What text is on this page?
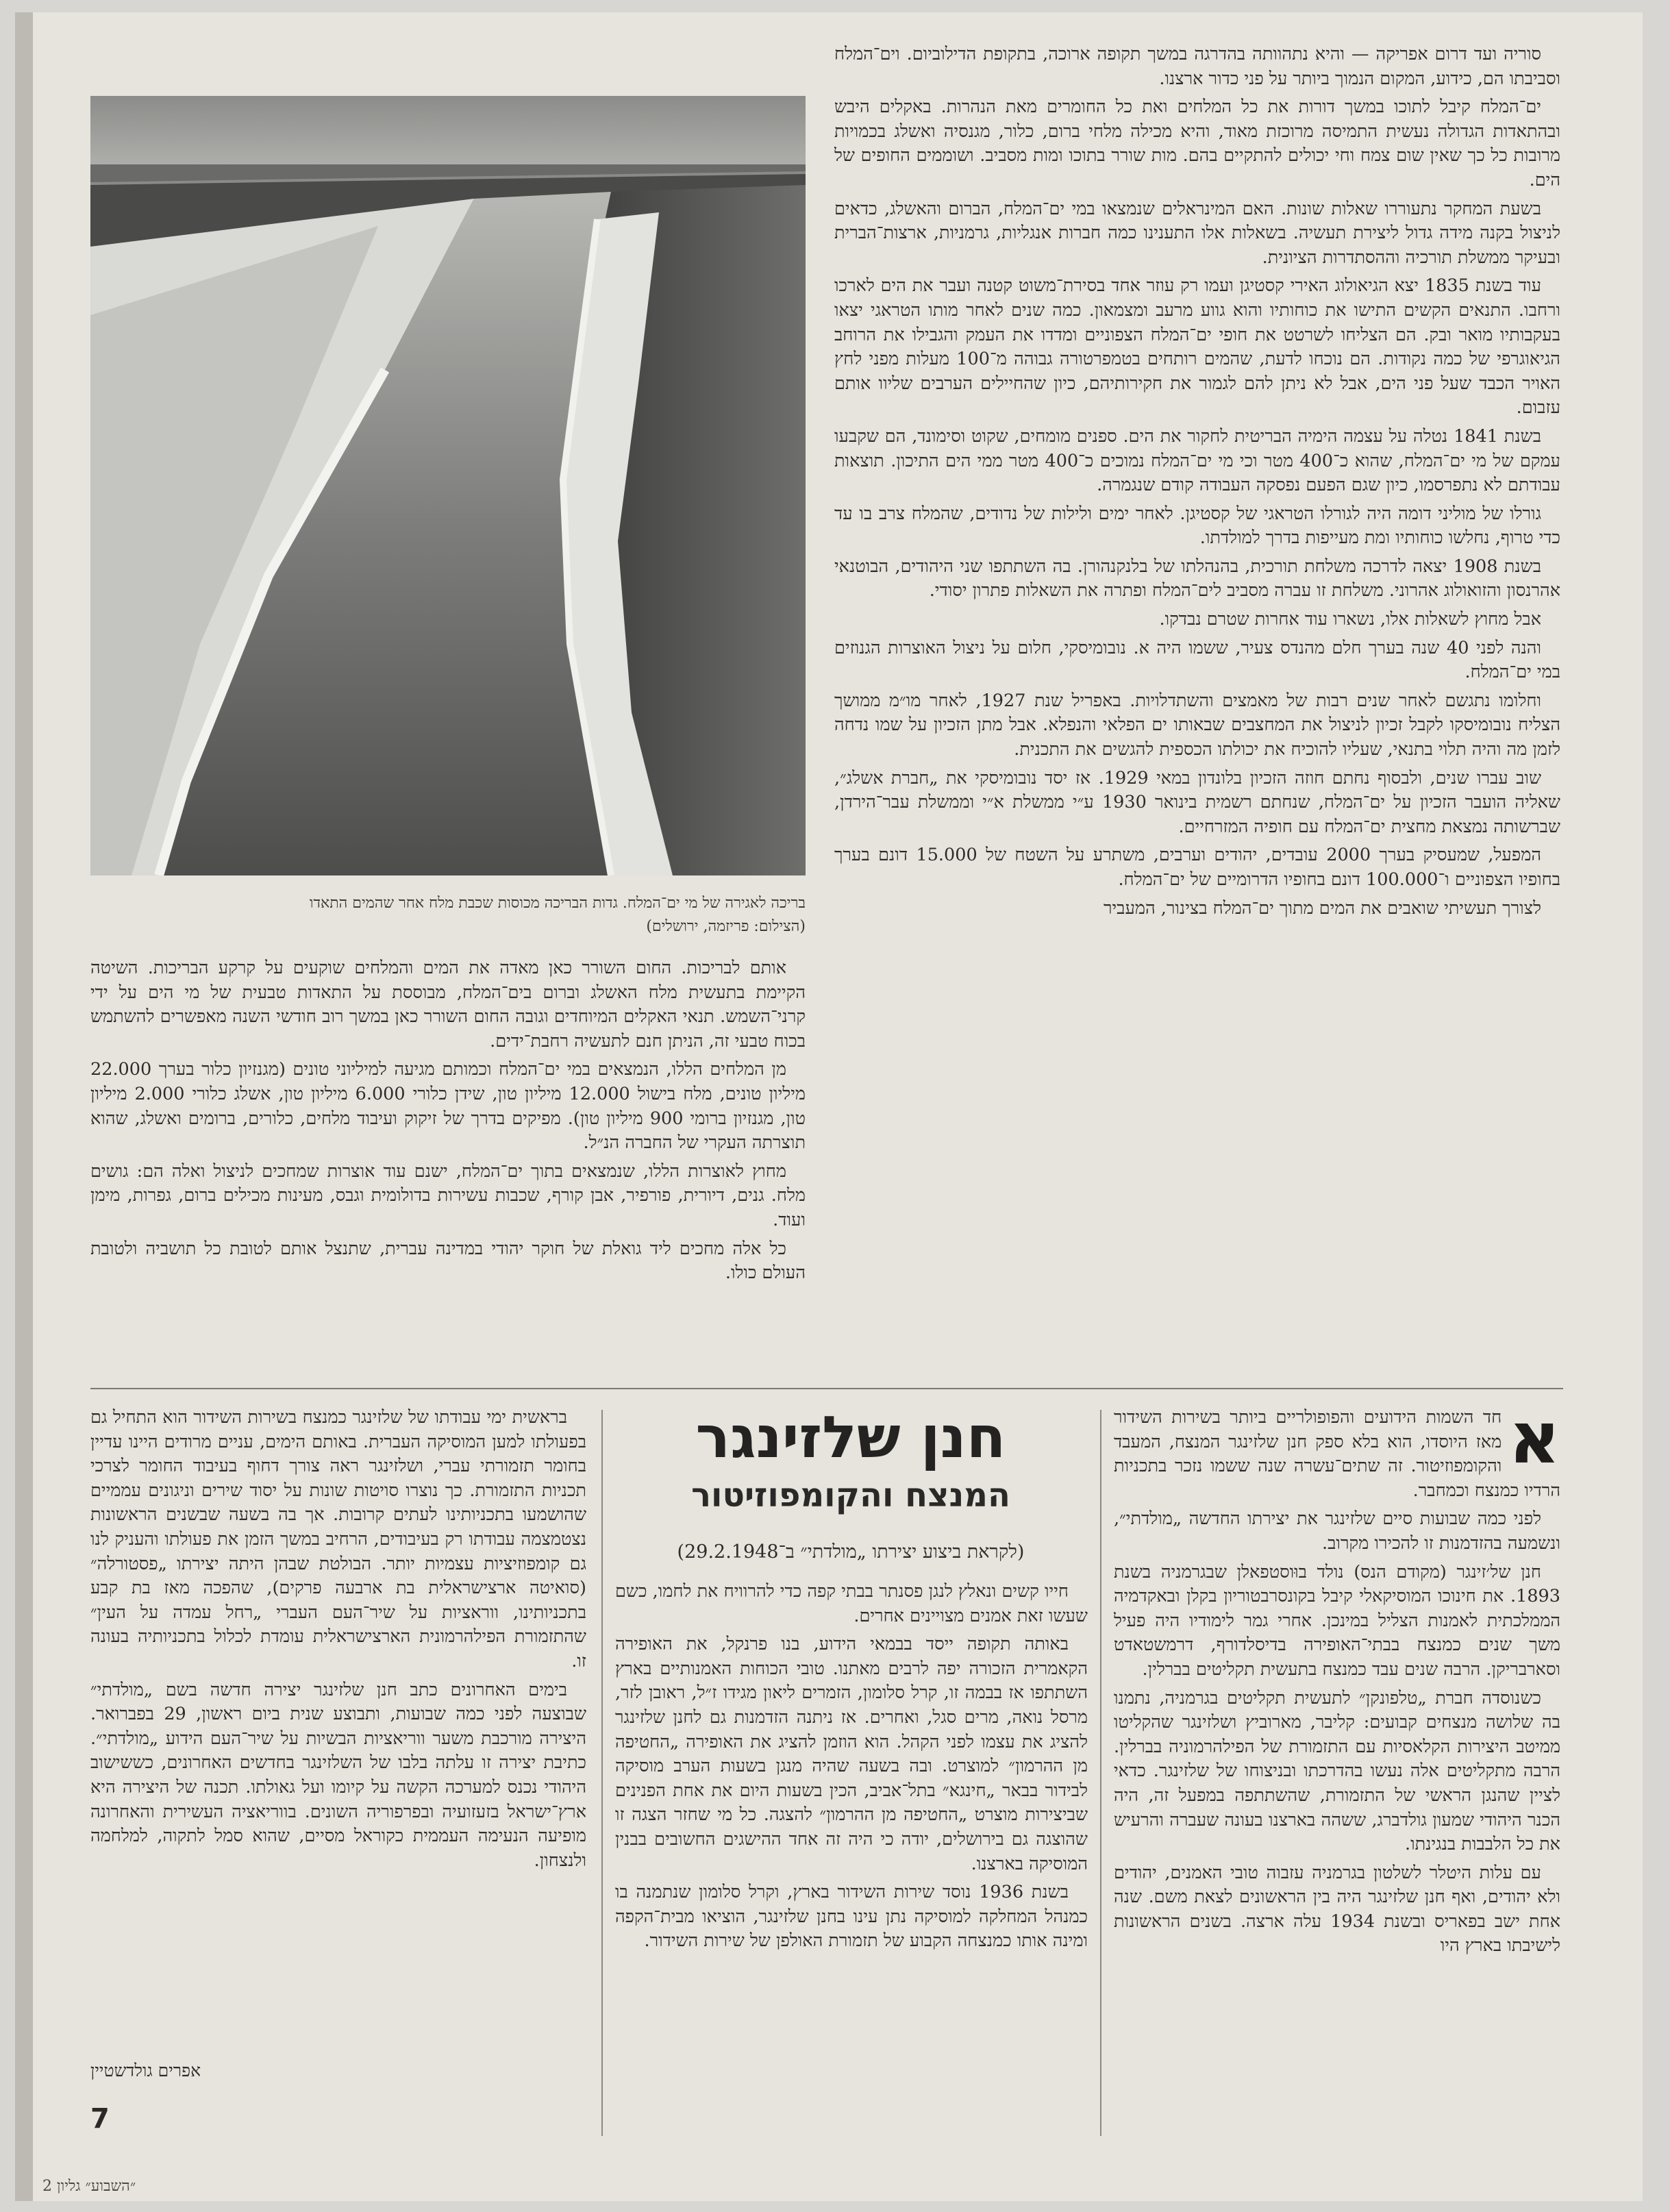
בריכה לאגירה של מי ים־המלח. גדות הבריכה מכוסות שכבת מלח אחר שהמים התאדו
(הצילום: פריזמה, ירושלים)

סוריה ועד דרום אפריקה — והיא נתהוותה בהדרגה במשך תקופה ארוכה, בתקופת הדילוביום. וים־המלח וסביבתו הם, כידוע, המקום הנמוך ביותר על פני כדור ארצנו.

ים־המלח קיבל לתוכו במשך דורות את כל המלחים ואת כל החומרים מאת הנהרות. באקלים היבש ובהתאדות הגדולה נעשית התמיסה מרוכזת מאוד, והיא מכילה מלחי ברום, כלור, מגנסיה ואשלג בכמויות מרובות כל כך שאין שום צמח וחי יכולים להתקיים בהם. מות שורר בתוכו ומות מסביב. ושוממים החופים של הים.

בשעת המחקר נתעוררו שאלות שונות. האם המינראלים שנמצאו במי ים־המלח, הברום והאשלג, כדאים לניצול בקנה מידה גדול ליצירת תעשיה. בשאלות אלו התענינו כמה חברות אנגליות, גרמניות, ארצות־הברית ובעיקר ממשלת תורכיה וההסתדרות הציונית.

עוד בשנת 1835 יצא הגיאולוג האירי קסטיגן ועמו רק עוזר אחד בסירת־משוט קטנה ועבר את הים לארכו ורחבו. התנאים הקשים התישו את כוחותיו והוא גווע מרעב ומצמאון. כמה שנים לאחר מותו הטראגי יצאו בעקבותיו מואר ובק. הם הצליחו לשרטט את חופי ים־המלח הצפוניים ומדדו את העמק והגבילו את הרוחב הגיאוגרפי של כמה נקודות. הם נוכחו לדעת, שהמים רותחים בטמפרטורה גבוהה מ־100 מעלות מפני לחץ האויר הכבד שעל פני הים, אבל לא ניתן להם לגמור את חקירותיהם, כיון שהחיילים הערבים שליוו אותם עזבום.

בשנת 1841 נטלה על עצמה הימיה הבריטית לחקור את הים. ספנים מומחים, שקוט וסימונד, הם שקבעו עמקם של מי ים־המלח, שהוא כ־400 מטר וכי מי ים־המלח נמוכים כ־400 מטר ממי הים התיכון. תוצאות עבודתם לא נתפרסמו, כיון שגם הפעם נפסקה העבודה קודם שנגמרה.

גורלו של מוליני דומה היה לגורלו הטראגי של קסטיגן. לאחר ימים ולילות של נדודים, שהמלח צרב בו עד כדי טרוף, נחלשו כוחותיו ומת מעייפות בדרך למולדתו.

בשנת 1908 יצאה לדרכה משלחת תורכית, בהנהלתו של בלנקנהורן. בה השתתפו שני היהודים, הבוטנאי אהרנסון והזואולוג אהרוני. משלחת זו עברה מסביב לים־המלח ופתרה את השאלות פתרון יסודי.

אבל מחוץ לשאלות אלו, נשארו עוד אחרות שטרם נבדקו.

והנה לפני 40 שנה בערך חלם מהנדס צעיר, ששמו היה א. נובומיסקי, חלום על ניצול האוצרות הגנוזים במי ים־המלח.

וחלומו נתגשם לאחר שנים רבות של מאמצים והשתדלויות. באפריל שנת 1927, לאחר מו״מ ממושך הצליח נובומיסקו לקבל זכיון לניצול את המחצבים שבאותו ים הפלאי והנפלא. אבל מתן הזכיון על שמו נדחה לזמן מה והיה תלוי בתנאי, שעליו להוכיח את יכולתו הכספית להגשים את התכנית.

שוב עברו שנים, ולבסוף נחתם חוזה הזכיון בלונדון במאי 1929. אז יסד נובומיסקי את „חברת אשלג״, שאליה הועבר הזכיון על ים־המלח, שנחתם רשמית בינואר 1930 ע״י ממשלת א״י וממשלת עבר־הירדן, שברשותה נמצאת מחצית ים־המלח עם חופיה המזרחיים.

המפעל, שמעסיק בערך 2000 עובדים, יהודים וערבים, משתרע על השטח של 15.000 דונם בערך בחופיו הצפוניים ו־100.000 דונם בחופיו הדרומיים של ים־המלח.

לצורך תעשיתי שואבים את המים מתוך ים־המלח בצינור, המעביר

אותם לבריכות. החום השורר כאן מאדה את המים והמלחים שוקעים על קרקע הבריכות. השיטה הקיימת בתעשית מלח האשלג וברום בים־המלח, מבוססת על התאדות טבעית של מי הים על ידי קרני־השמש. תנאי האקלים המיוחדים וגובה החום השורר כאן במשך רוב חודשי השנה מאפשרים להשתמש בכוח טבעי זה, הניתן חנם לתעשיה רחבת־ידים.

מן המלחים הללו, הנמצאים במי ים־המלח וכמותם מגיעה למיליוני טונים (מגנזיון כלור בערך 22.000 מיליון טונים, מלח בישול 12.000 מיליון טון, שידן כלורי 6.000 מיליון טון, אשלג כלורי 2.000 מיליון טון, מגנזיון ברומי 900 מיליון טון). מפיקים בדרך של זיקוק ועיבוד מלחים, כלורים, ברומים ואשלג, שהוא תוצרתה העקרי של החברה הנ״ל.

מחוץ לאוצרות הללו, שנמצאים בתוך ים־המלח, ישנם עוד אוצרות שמחכים לניצול ואלה הם: גושים מלח. גנים, דיורית, פורפיר, אבן קורף, שכבות עשירות בדולומית וגבס, מעינות מכילים ברום, גפרות, מימן ועוד.

כל אלה מחכים ליד גואלת של חוקר יהודי במדינה עברית, שתנצל אותם לטובת כל תושביה ולטובת העולם כולו.

חנן שלזינגר
המנצח והקומפוזיטור
(לקראת ביצוע יצירתו „מולדתי״ ב־29.2.1948)
א

חד השמות הידועים והפופולריים ביותר בשירות השידור מאז היוסדו, הוא בלא ספק חנן שלזינגר המנצח, המעבד והקומפוזיטור. זה שתים־עשרה שנה ששמו נזכר בתכניות הרדיו כמנצח וכמחבר.

לפני כמה שבועות סיים שלזינגר את יצירתו החדשה „מולדתי״, ונשמעה בהזדמנות זו להכירו מקרוב.

חנן של׳זינגר (מקודם הנס) נולד בוּוסטפאלן שבגרמניה בשנת 1893. את חינוכו המוסיקאלי קיבל בקונסרבטוריון בקלן ובאקדמיה הממלכתית לאמנות הצליל במינכן. אחרי גמר לימודיו היה פעיל משך שנים כמנצח בבתי־האופירה בדיסלדורף, דרמשטאדט וסארבריקן. הרבה שנים עבד כמנצח בתעשית תקליטים בברלין.

כשנוסדה חברת „טלפונקן״ לתעשית תקליטים בגרמניה, נתמנו בה שלושה מנצחים קבועים: קליבר, מארוביץ ושלזינגר שהקליטו ממיטב היצירות הקלאסיות עם התזמורת של הפילהרמוניה בברלין. הרבה מתקליטים אלה נעשו בהדרכתו ובניצוחו של שלזינגר. כדאי לציין שהנגן הראשי של התזמורת, שהשתתפה במפעל זה, היה הכנר היהודי שמעון גולדברג, ששהה בארצנו בעונה שעברה והרעיש את כל הלבבות בנגינתו.

עם עלות היטלר לשלטון בגרמניה עזבוה טובי האמנים, יהודים ולא יהודים, ואף חנן שלזינגר היה בין הראשונים לצאת משם. שנה אחת ישב בפאריס ובשנת 1934 עלה ארצה. בשנים הראשונות לישיבתו בארץ היו

חייו קשים ונאלץ לנגן פסנתר בבתי קפה כדי להרוויח את לחמו, כשם שעשו זאת אמנים מצויינים אחרים.

באותה תקופה ייסד בבמאי הידוע, בנו פרנקל, את האופירה הקאמרית הזכורה יפה לרבים מאתנו. טובי הכוחות האמנותיים בארץ השתתפו אז בבמה זו, קרל סלומון, הזמרים ליאון מגידו ז״ל, ראובן לזר, מרסל נואה, מרים סגל, ואחרים. אז ניתנה הזדמנות גם לחנן שלזינגר להציג את עצמו לפני הקהל. הוא הוזמן להציג את האופירה „החטיפה מן ההרמון״ למוצרט. ובה בשעה שהיה מנגן בשעות הערב מוסיקה לבידור בבאר „חינגא״ בתל־אביב, הכין בשעות היום את אחת הפנינים שביצירות מוצרט „החטיפה מן ההרמון״ להצגה. כל מי שחזר הצגה זו שהוצגה גם בירושלים, יודה כי היה זה אחד ההישגים החשובים בבנין המוסיקה בארצנו.

בשנת 1936 נוסד שירות השידור בארץ, וקרל סלומון שנתמנה בו כמנהל המחלקה למוסיקה נתן עינו בחנן שלזינגר, הוציאו מבית־הקפה ומינה אותו כמנצחה הקבוע של תזמורת האולפן של שירות השידור.

בראשית ימי עבודתו של שלזינגר כמנצח בשירות השידור הוא התחיל גם בפעולתו למען המוסיקה העברית. באותם הימים, עניים מרודים היינו עדיין בחומר תזמורתי עברי, ושלזינגר ראה צורך דחוף בעיבוד החומר לצרכי תכניות התזמורת. כך נוצרו סויטות שונות על יסוד שירים וניגונים עממיים שהושמעו בתכניותינו לעתים קרובות. אך בה בשעה שבשנים הראשונות נצטמצמה עבודתו רק בעיבודים, הרחיב במשך הזמן את פעולתו והעניק לנו גם קומפוזיציות עצמיות יותר. הבולטת שבהן היתה יצירתו „פסטורלה״ (סואיטה ארצישראלית בת ארבעה פרקים), שהפכה מאז בת קבע בתכניותינו, ווראציות על שיר־העם העברי „רחל עמדה על העין״ שהתזמורת הפילהרמונית הארצישראלית עומדת לכלול בתכניותיה בעונה זו.

בימים האחרונים כתב חנן שלזינגר יצירה חדשה בשם „מולדתי״ שבוצעה לפני כמה שבועות, ותבוצע שנית ביום ראשון, 29 בפברואר. היצירה מורכבת משער ווריאציות הבשיות על שיר־העם הידוע „מולדתי״. כתיבת יצירה זו עלתה בלבו של השלזינגר בחדשים האחרונים, כששישוב היהודי נכנס למערכה הקשה על קיומו ועל גאולתו. תכנה של היצירה היא ארץ־ישראל בזעזועיה ובפרפוריה השונים. בווריאציה העשירית והאחרונה מופיעה הנעימה העממית כקוראל מסיים, שהוא סמל לתקוה, למלחמה ולנצחון.

אפרים גולדשטיין
7
״השבוע״ גליון 2
